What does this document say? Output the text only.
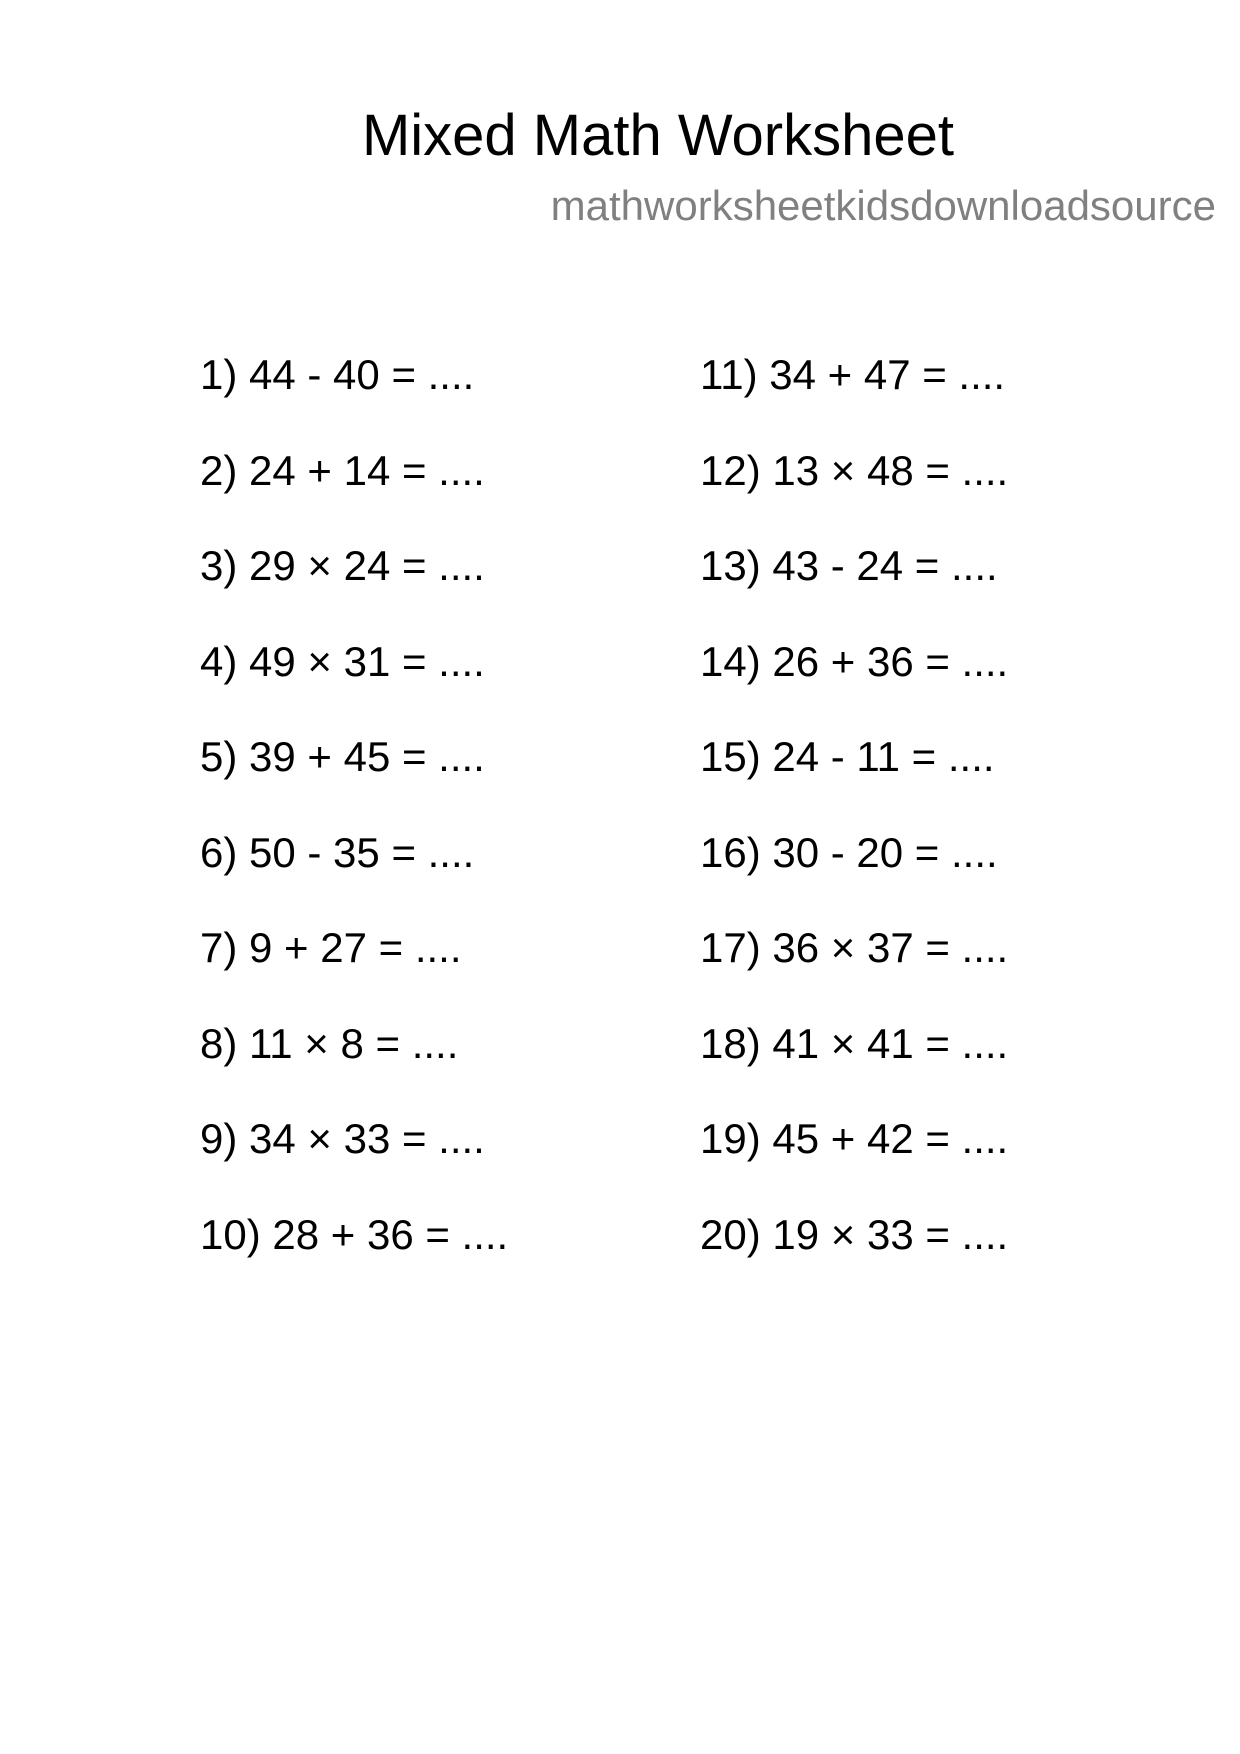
Mixed Math Worksheet
mathworksheetkidsdownloadsource
1) 44 - 40 = ....
2) 24 + 14 = ....
3) 29 × 24 = ....
4) 49 × 31 = ....
5) 39 + 45 = ....
6) 50 - 35 = ....
7) 9 + 27 = ....
8) 11 × 8 = ....
9) 34 × 33 = ....
10) 28 + 36 = ....
11) 34 + 47 = ....
12) 13 × 48 = ....
13) 43 - 24 = ....
14) 26 + 36 = ....
15) 24 - 11 = ....
16) 30 - 20 = ....
17) 36 × 37 = ....
18) 41 × 41 = ....
19) 45 + 42 = ....
20) 19 × 33 = ....
